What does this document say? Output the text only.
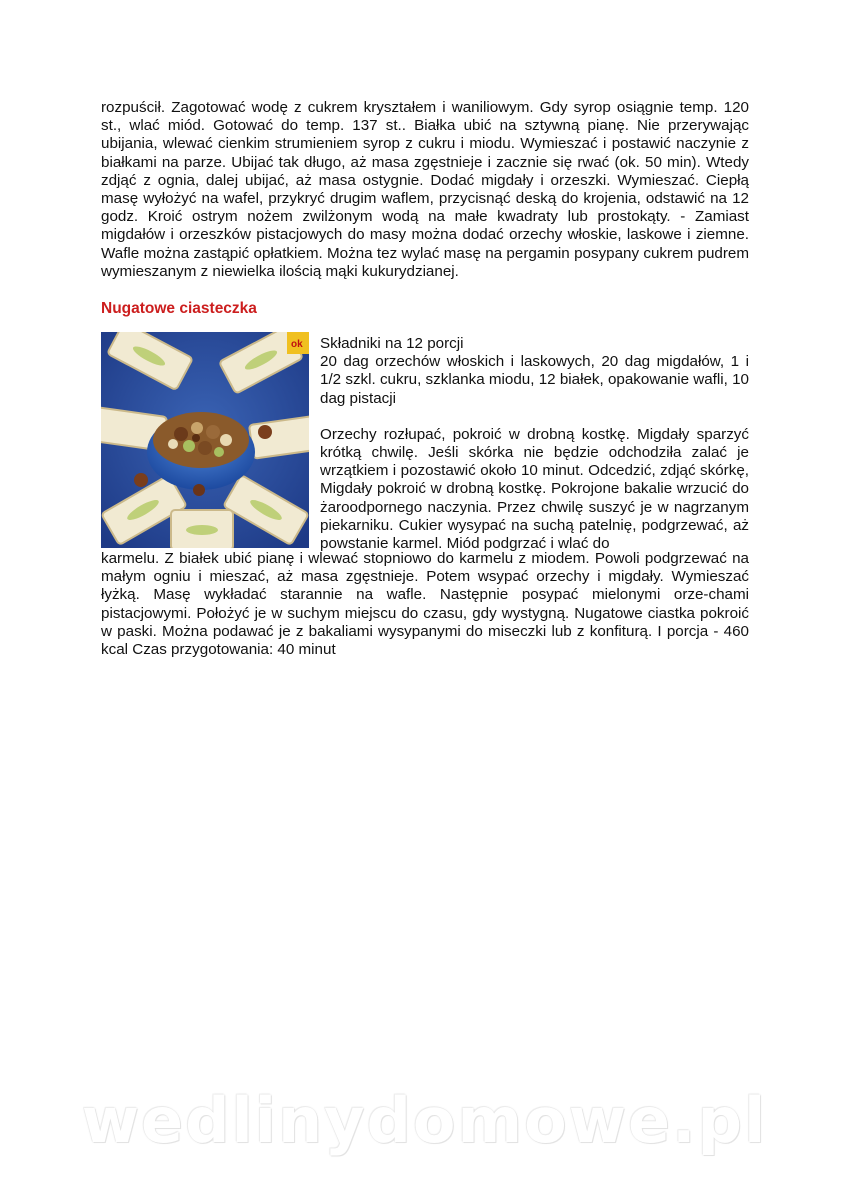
rozpuścił. Zagotować wodę z cukrem kryształem i waniliowym. Gdy syrop osiągnie temp. 120 st., wlać miód. Gotować do temp. 137 st.. Białka ubić na sztywną pianę. Nie przerywając ubijania, wlewać cienkim strumieniem syrop z cukru i miodu. Wymieszać i postawić naczynie z białkami na parze. Ubijać tak długo, aż masa zgęstnieje i zacznie się rwać (ok. 50 min). Wtedy zdjąć z ognia, dalej ubijać, aż masa ostygnie. Dodać migdały i orzeszki. Wymieszać. Ciepłą masę wyłożyć na wafel, przykryć drugim waflem, przycisnąć deską do krojenia, odstawić na 12 godz. Kroić ostrym nożem zwilżonym wodą na małe kwadraty lub prostokąty. - Zamiast migdałów i orzeszków pistacjowych do masy można dodać orzechy włoskie, laskowe i ziemne. Wafle można zastąpić opłatkiem. Można tez wylać masę na pergamin posypany cukrem pudrem wymieszanym z niewielka ilością mąki kukurydzianej.

Nugatowe ciasteczka
ok Składniki na 12 porcji

20 dag orzechów włoskich i laskowych, 20 dag migdałów, 1 i 1/2 szkl. cukru, szklanka miodu, 12 białek, opakowanie wafli, 10 dag pistacji

Orzechy rozłupać, pokroić w drobną kostkę. Migdały sparzyć krótką chwilę. Jeśli skórka nie będzie odchodziła zalać je wrzątkiem i pozostawić około 10 minut. Odcedzić, zdjąć skórkę, Migdały pokroić w drobną kostkę. Pokrojone bakalie wrzucić do żaroodpornego naczynia. Przez chwilę suszyć je w nagrzanym piekarniku. Cukier wysypać na suchą patelnię, podgrzewać, aż powstanie karmel. Miód podgrzać i wlać do

karmelu. Z białek ubić pianę i wlewać stopniowo do karmelu z miodem. Powoli podgrzewać na małym ogniu i mieszać, aż masa zgęstnieje. Potem wsypać orzechy i migdały. Wymieszać łyżką. Masę wykładać starannie na wafle. Następnie posypać mielonymi orze-chami pistacjowymi. Położyć je w suchym miejscu do czasu, gdy wystygną. Nugatowe ciastka pokroić w paski. Można podawać je z bakaliami wysypanymi do miseczki lub z konfiturą. I porcja - 460 kcal Czas przygotowania: 40 minut

wedlinydomowe.pl
